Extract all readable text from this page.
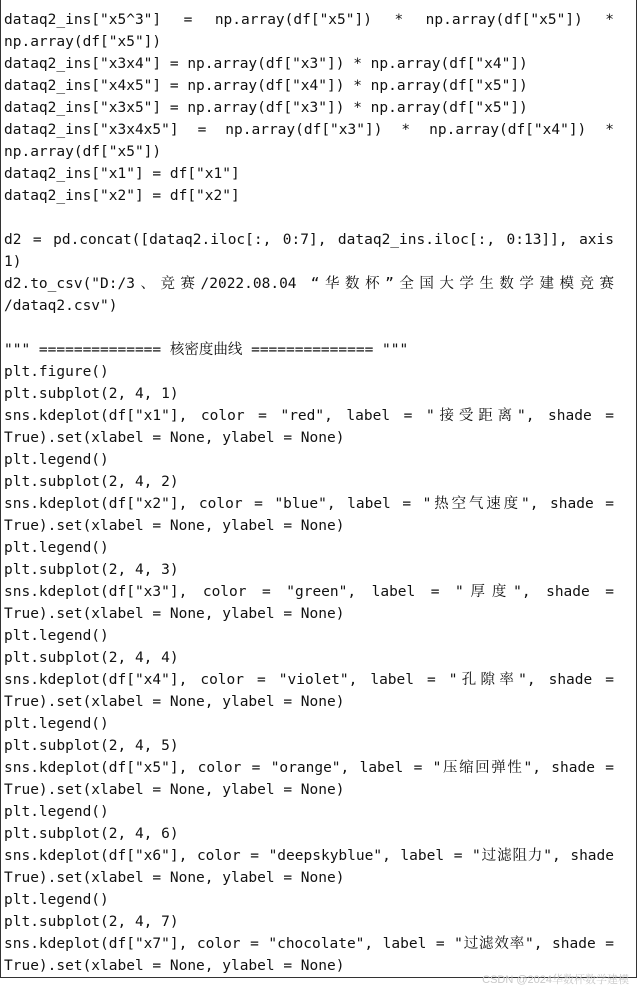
dataq2_ins["x5^3"] = np.array(df["x5"]) * np.array(df["x5"]) *
np.array(df["x5"])
dataq2_ins["x3x4"] = np.array(df["x3"]) * np.array(df["x4"])
dataq2_ins["x4x5"] = np.array(df["x4"]) * np.array(df["x5"])
dataq2_ins["x3x5"] = np.array(df["x3"]) * np.array(df["x5"])
dataq2_ins["x3x4x5"] = np.array(df["x3"]) * np.array(df["x4"]) *
np.array(df["x5"])
dataq2_ins["x1"] = df["x1"]
dataq2_ins["x2"] = df["x2"]
d2 = pd.concat([dataq2.iloc[:, 0:7], dataq2_ins.iloc[:, 0:13]], axis
1)
d2.to_csv("D:/3、竞赛/2022.08.04 “华数杯”全国大学生数学建模竞赛
/dataq2.csv")
""" ============== 核密度曲线 ============== """
plt.figure()
plt.subplot(2, 4, 1)
sns.kdeplot(df["x1"], color = "red", label = "接受距离", shade =
True).set(xlabel = None, ylabel = None)
plt.legend()
plt.subplot(2, 4, 2)
sns.kdeplot(df["x2"], color = "blue", label = "热空气速度", shade =
True).set(xlabel = None, ylabel = None)
plt.legend()
plt.subplot(2, 4, 3)
sns.kdeplot(df["x3"], color = "green", label = "厚度", shade =
True).set(xlabel = None, ylabel = None)
plt.legend()
plt.subplot(2, 4, 4)
sns.kdeplot(df["x4"], color = "violet", label = "孔隙率", shade =
True).set(xlabel = None, ylabel = None)
plt.legend()
plt.subplot(2, 4, 5)
sns.kdeplot(df["x5"], color = "orange", label = "压缩回弹性", shade =
True).set(xlabel = None, ylabel = None)
plt.legend()
plt.subplot(2, 4, 6)
sns.kdeplot(df["x6"], color = "deepskyblue", label = "过滤阻力", shade
True).set(xlabel = None, ylabel = None)
plt.legend()
plt.subplot(2, 4, 7)
sns.kdeplot(df["x7"], color = "chocolate", label = "过滤效率", shade =
True).set(xlabel = None, ylabel = None)
CSDN @2024华数杯数学建模
